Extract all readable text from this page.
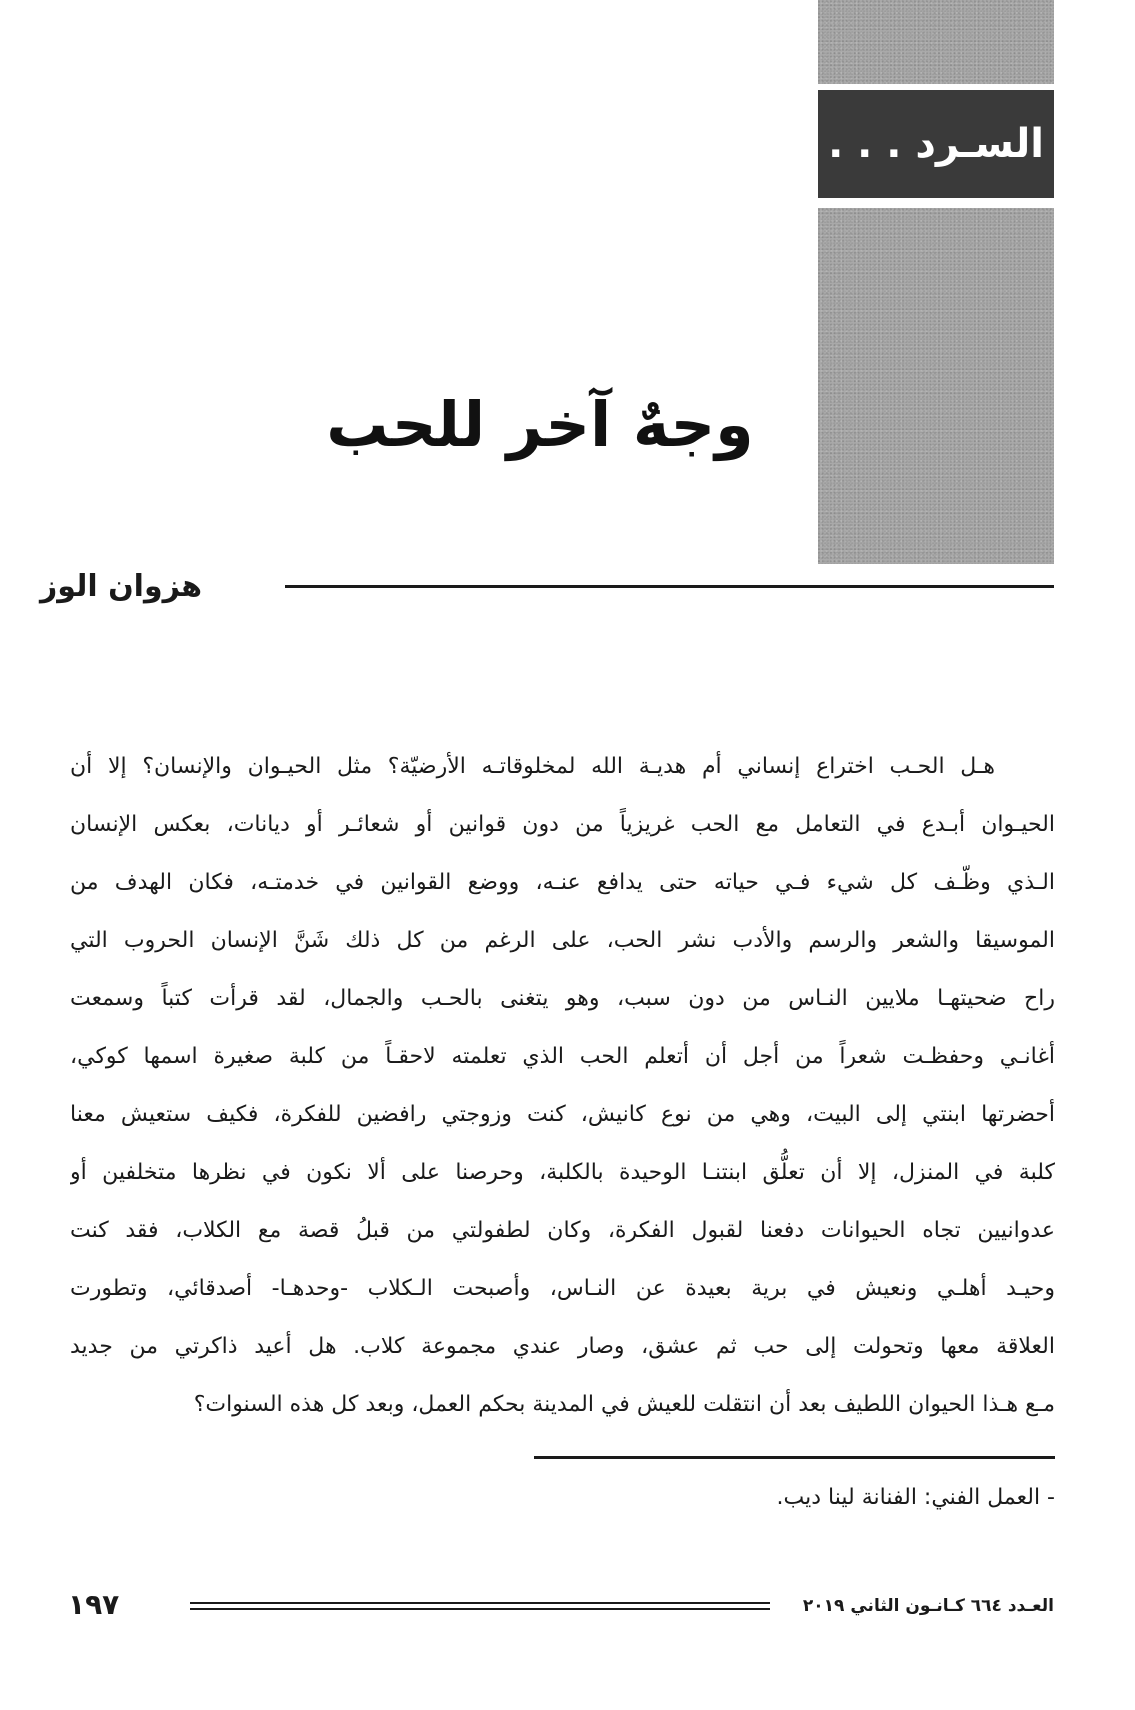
السـرد . . .
وجهٌ آخر للحب
هزوان الوز
هـل الحـب اختراع إنساني أم هديـة الله لمخلوقاتـه الأرضيّة؟ مثل الحيـوان والإنسان؟ إلا أن
الحيـوان أبـدع في التعامل مع الحب غريزياً من دون قوانين أو شعائـر أو ديانات، بعكس الإنسان
الـذي وظّـف كل شيء فـي حياته حتى يدافع عنـه، ووضع القوانين في خدمتـه، فكان الهدف من
الموسيقا والشعر والرسم والأدب نشر الحب، على الرغم من كل ذلك شَنَّ الإنسان الحروب التي
راح ضحيتهـا ملايين النـاس من دون سبب، وهو يتغنى بالحـب والجمال، لقد قرأت كتباً وسمعت
أغانـي وحفظـت شعراً من أجل أن أتعلم الحب الذي تعلمته لاحقـاً من كلبة صغيرة اسمها كوكي،
أحضرتها ابنتي إلى البيت، وهي من نوع كانيش، كنت وزوجتي رافضين للفكرة، فكيف ستعيش معنا
كلبة في المنزل، إلا أن تعلُّق ابنتنـا الوحيدة بالكلبة، وحرصنا على ألا نكون في نظرها متخلفين أو
عدوانيين تجاه الحيوانات دفعنا لقبول الفكرة، وكان لطفولتي من قبلُ قصة مع الكلاب، فقد كنت
وحيـد أهلـي ونعيش في برية بعيدة عن النـاس، وأصبحت الـكلاب -وحدهـا- أصدقائي، وتطورت
العلاقة معها وتحولت إلى حب ثم عشق، وصار عندي مجموعة كلاب. هل أعيد ذاكرتي من جديد
مـع هـذا الحيوان اللطيف بعد أن انتقلت للعيش في المدينة بحكم العمل، وبعد كل هذه السنوات؟
- العمل الفني: الفنانة لينا ديب.
العـدد ٦٦٤ كـانـون الثاني ٢٠١٩
١٩٧
